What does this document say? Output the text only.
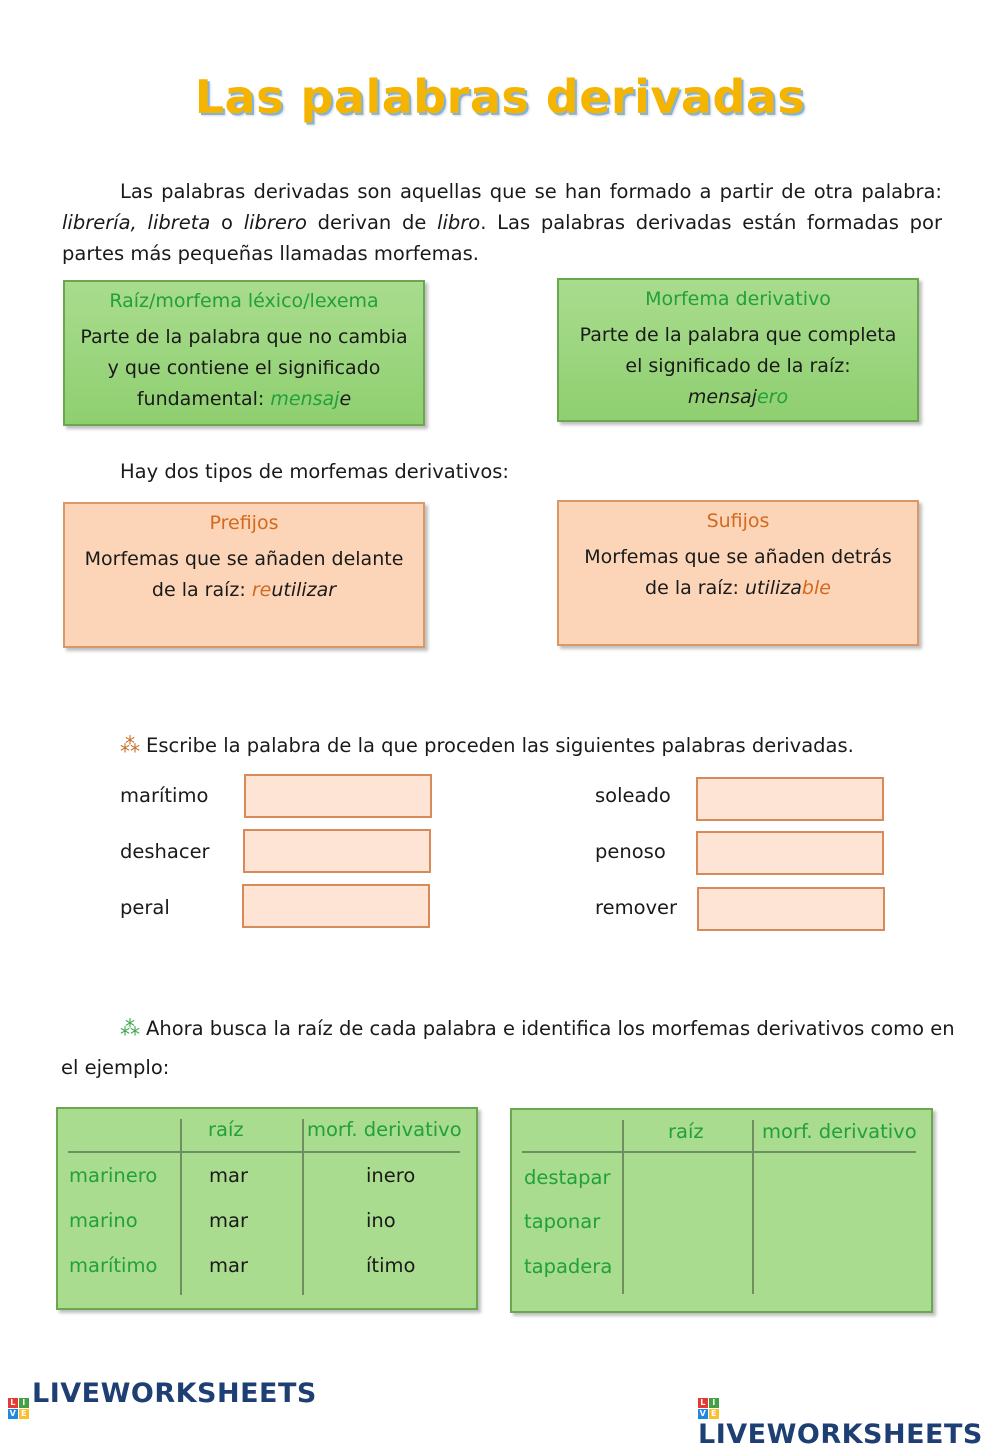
Las palabras derivadas
Las palabras derivadas son aquellas que se han formado a partir de otra palabra: librería, libreta o librero derivan de libro. Las palabras derivadas están formadas por partes más pequeñas llamadas morfemas.
Raíz/morfema léxico/lexema
Parte de la palabra que no cambia y que contiene el significado fundamental: mensaje
Morfema derivativo
Parte de la palabra que completa el significado de la raíz: mensajero
Hay dos tipos de morfemas derivativos:
Prefijos
Morfemas que se añaden delante de la raíz: reutilizar
Sufijos
Morfemas que se añaden detrás de la raíz: utilizable
⁂ Escribe la palabra de la que proceden las siguientes palabras derivadas.
marítimo
deshacer
peral
soleado
penoso
remover
⁂ Ahora busca la raíz de cada palabra e identifica los morfemas derivativos como en
el ejemplo:
raíz	morf. derivativo
marinero	mar	inero
marino	mar	ino
marítimo	mar	ítimo
raíz	morf. derivativo
destapar
taponar
tapadera
L I
V E
LIVEWORKSHEETS	L I
V E
LIVEWORKSHEETS
